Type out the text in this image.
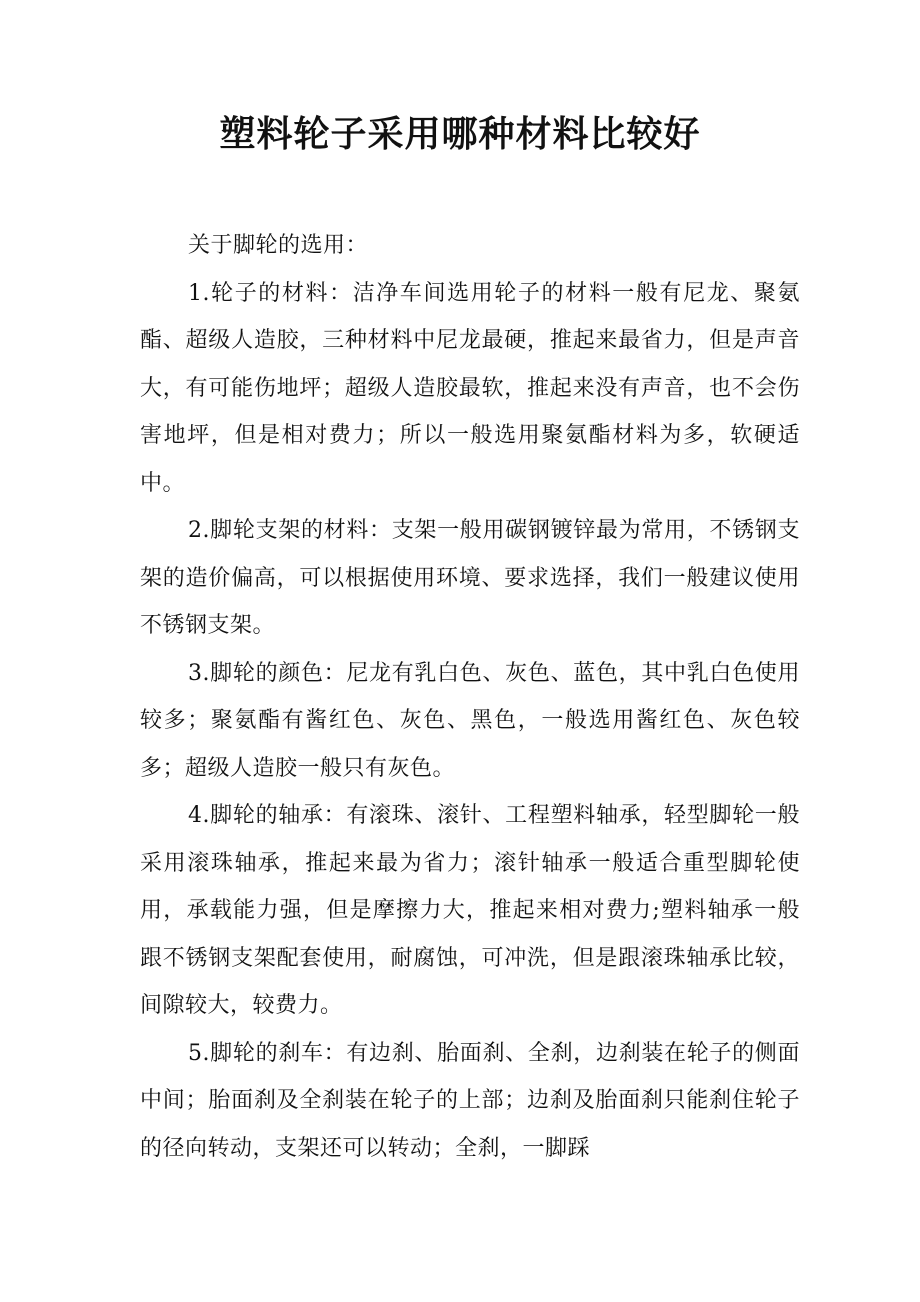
塑料轮子采用哪种材料比较好

关于脚轮的选用：

1.轮子的材料：洁净车间选用轮子的材料一般有尼龙、聚氨酯、超级人造胶，三种材料中尼龙最硬，推起来最省力，但是声音大，有可能伤地坪；超级人造胶最软，推起来没有声音，也不会伤害地坪，但是相对费力；所以一般选用聚氨酯材料为多，软硬适中。

2.脚轮支架的材料：支架一般用碳钢镀锌最为常用，不锈钢支架的造价偏高，可以根据使用环境、要求选择，我们一般建议使用不锈钢支架。

3.脚轮的颜色：尼龙有乳白色、灰色、蓝色，其中乳白色使用较多；聚氨酯有酱红色、灰色、黑色，一般选用酱红色、灰色较多；超级人造胶一般只有灰色。

4.脚轮的轴承：有滚珠、滚针、工程塑料轴承，轻型脚轮一般采用滚珠轴承，推起来最为省力；滚针轴承一般适合重型脚轮使用，承载能力强，但是摩擦力大，推起来相对费力;塑料轴承一般跟不锈钢支架配套使用，耐腐蚀，可冲洗，但是跟滚珠轴承比较，间隙较大，较费力。

5.脚轮的刹车：有边刹、胎面刹、全刹，边刹装在轮子的侧面中间；胎面刹及全刹装在轮子的上部；边刹及胎面刹只能刹住轮子的径向转动，支架还可以转动；全刹，一脚踩
